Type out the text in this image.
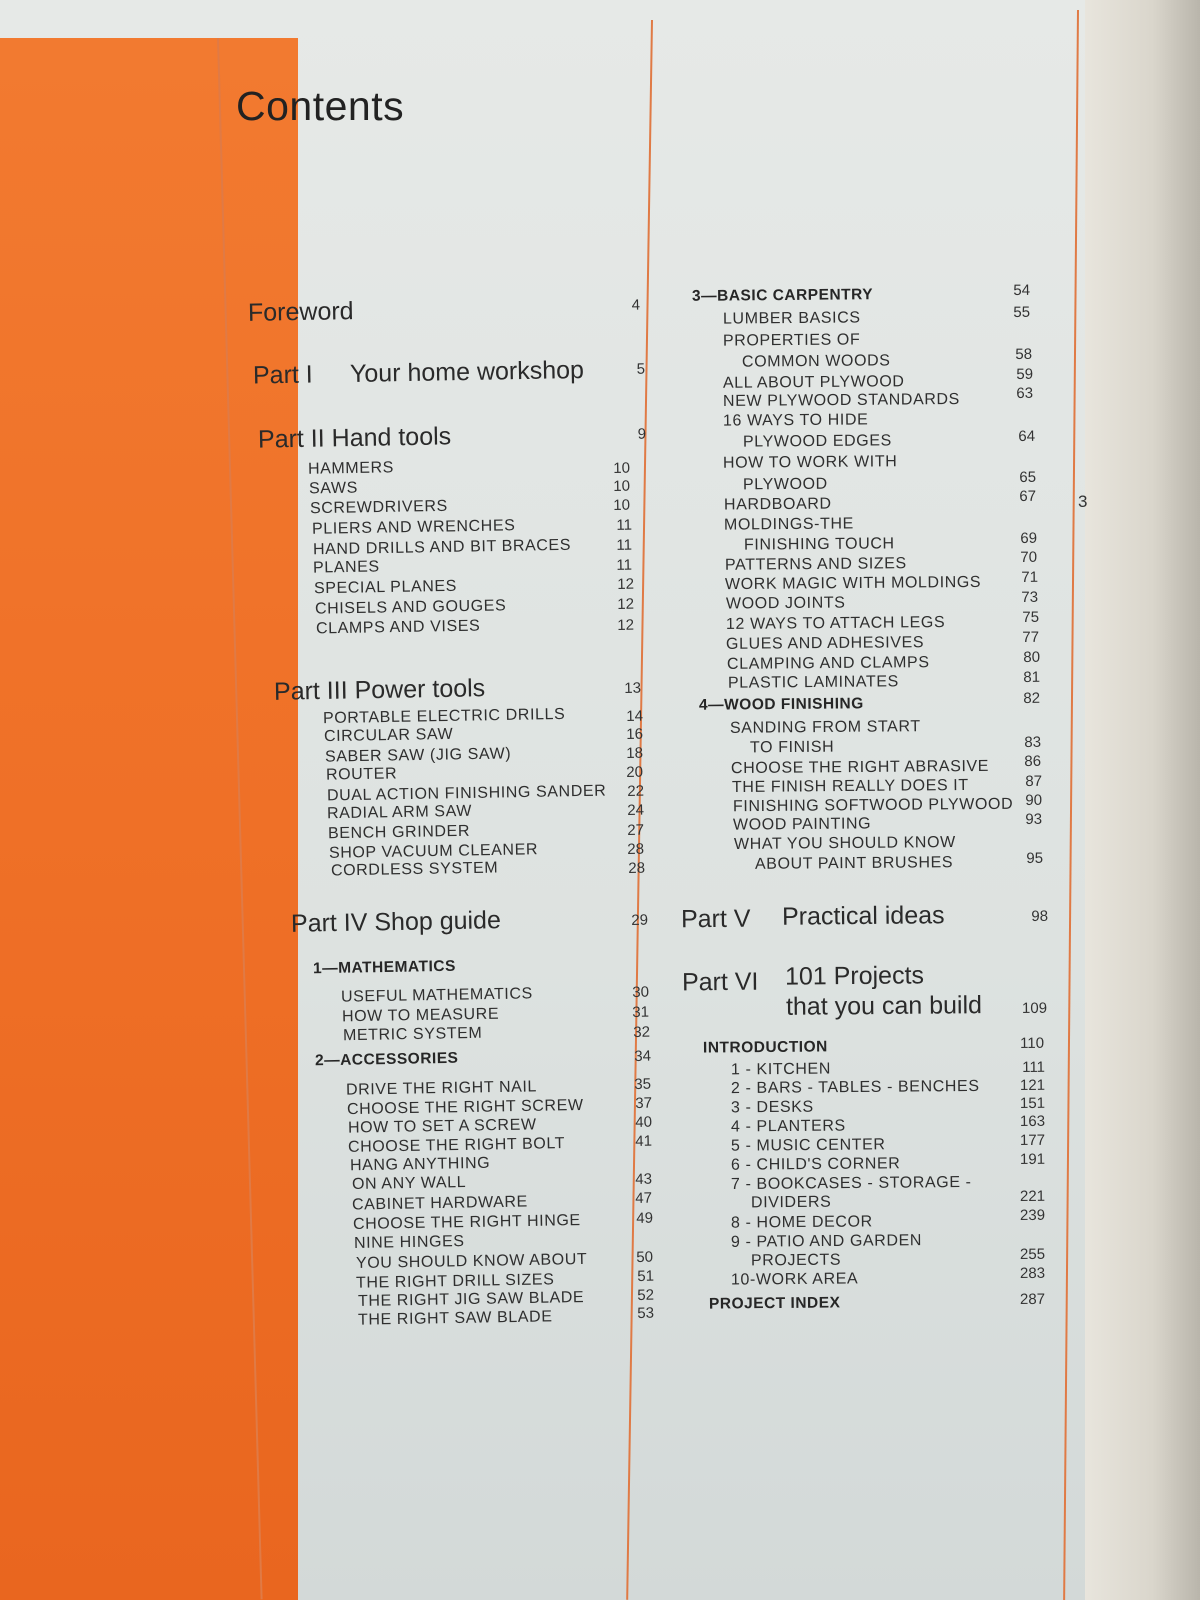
Contents
3
Foreword	4
Part I Your home workshop	5
Part II Hand tools	9
HAMMERS	10
SAWS	10
SCREWDRIVERS	10
PLIERS AND WRENCHES	11
HAND DRILLS AND BIT BRACES	11
PLANES	11
SPECIAL PLANES	12
CHISELS AND GOUGES	12
CLAMPS AND VISES	12
Part III Power tools	13
PORTABLE ELECTRIC DRILLS	14
CIRCULAR SAW	16
SABER SAW (JIG SAW)	18
ROUTER	20
DUAL ACTION FINISHING SANDER	22
RADIAL ARM SAW	24
BENCH GRINDER	27
SHOP VACUUM CLEANER	28
CORDLESS SYSTEM	28
Part IV Shop guide	29
1—MATHEMATICS
USEFUL MATHEMATICS	30
HOW TO MEASURE	31
METRIC SYSTEM	32
2—ACCESSORIES	34
DRIVE THE RIGHT NAIL	35
CHOOSE THE RIGHT SCREW	37
HOW TO SET A SCREW	40
CHOOSE THE RIGHT BOLT	41
HANG ANYTHING
ON ANY WALL	43
CABINET HARDWARE	47
CHOOSE THE RIGHT HINGE	49
NINE HINGES
YOU SHOULD KNOW ABOUT	50
THE RIGHT DRILL SIZES	51
THE RIGHT JIG SAW BLADE	52
THE RIGHT SAW BLADE	53
3—BASIC CARPENTRY	54
LUMBER BASICS	55
PROPERTIES OF
COMMON WOODS	58
ALL ABOUT PLYWOOD	59
NEW PLYWOOD STANDARDS	63
16 WAYS TO HIDE
PLYWOOD EDGES	64
HOW TO WORK WITH
PLYWOOD	65
HARDBOARD	67
MOLDINGS-THE
FINISHING TOUCH	69
PATTERNS AND SIZES	70
WORK MAGIC WITH MOLDINGS	71
WOOD JOINTS	73
12 WAYS TO ATTACH LEGS	75
GLUES AND ADHESIVES	77
CLAMPING AND CLAMPS	80
PLASTIC LAMINATES	81
4—WOOD FINISHING	82
SANDING FROM START
TO FINISH	83
CHOOSE THE RIGHT ABRASIVE	86
THE FINISH REALLY DOES IT	87
FINISHING SOFTWOOD PLYWOOD 90
WOOD PAINTING	93
WHAT YOU SHOULD KNOW
ABOUT PAINT BRUSHES	95
Part V Practical ideas	98
Part VI 101 Projects
that you can build	109
INTRODUCTION	110
1 - KITCHEN	111
2 - BARS - TABLES - BENCHES	121
3 - DESKS	151
4 - PLANTERS	163
5 - MUSIC CENTER	177
6 - CHILD'S CORNER	191
7 - BOOKCASES - STORAGE -
DIVIDERS	221
8 - HOME DECOR	239
9 - PATIO AND GARDEN
PROJECTS	255
10-WORK AREA	283
PROJECT INDEX	287
